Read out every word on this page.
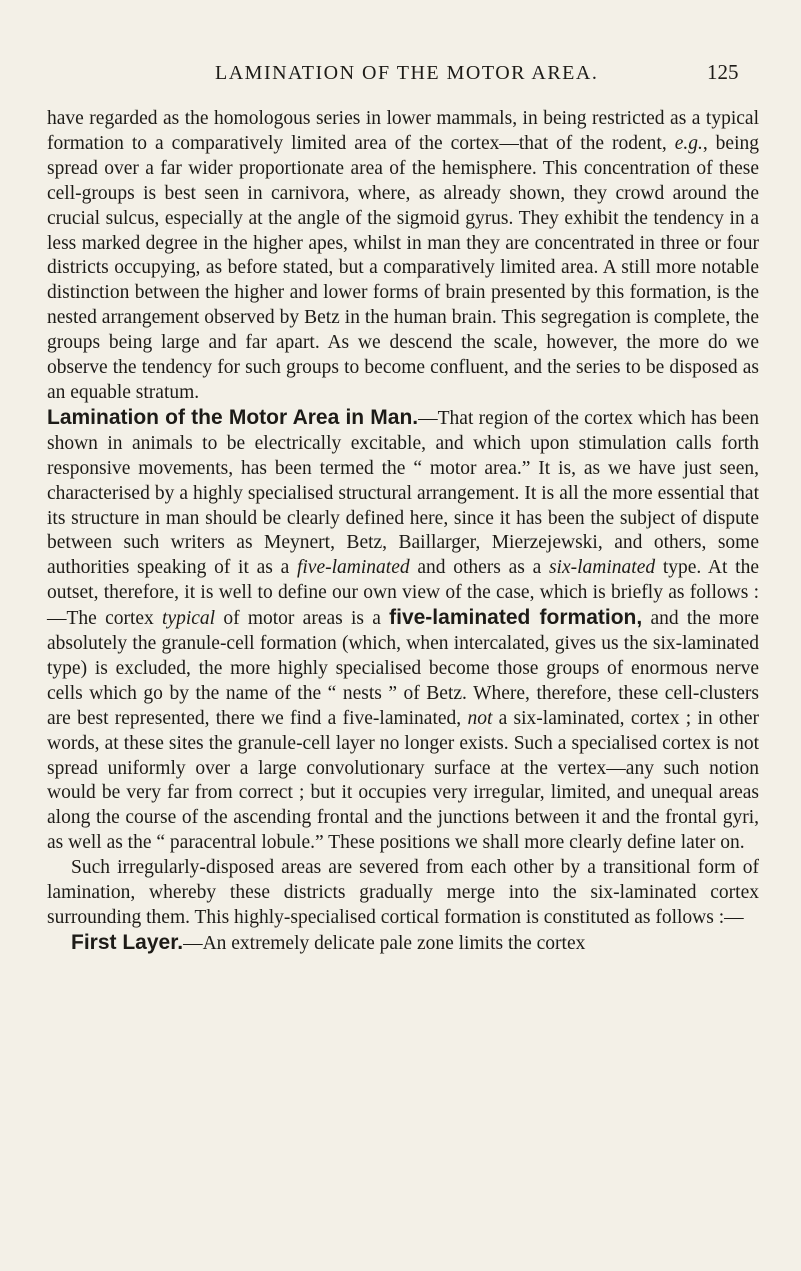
LAMINATION OF THE MOTOR AREA.	125

have regarded as the homologous series in lower mammals, in being restricted as a typical formation to a comparatively limited area of the cortex—that of the rodent, e.g., being spread over a far wider proportionate area of the hemisphere. This concentration of these cell-groups is best seen in carnivora, where, as already shown, they crowd around the crucial sulcus, especially at the angle of the sigmoid gyrus. They exhibit the tendency in a less marked degree in the higher apes, whilst in man they are concentrated in three or four districts occupying, as before stated, but a comparatively limited area. A still more notable distinction between the higher and lower forms of brain presented by this formation, is the nested arrangement observed by Betz in the human brain. This segregation is complete, the groups being large and far apart. As we descend the scale, however, the more do we observe the tendency for such groups to become confluent, and the series to be disposed as an equable stratum.

Lamination of the Motor Area in Man.—That region of the cortex which has been shown in animals to be electrically excitable, and which upon stimulation calls forth responsive movements, has been termed the “ motor area.” It is, as we have just seen, characterised by a highly specialised structural arrangement. It is all the more essential that its structure in man should be clearly defined here, since it has been the subject of dispute between such writers as Meynert, Betz, Baillarger, Mierzejewski, and others, some authorities speaking of it as a five-laminated and others as a six-laminated type. At the outset, therefore, it is well to define our own view of the case, which is briefly as follows :—The cortex typical of motor areas is a five-laminated formation, and the more absolutely the granule-cell formation (which, when intercalated, gives us the six-laminated type) is excluded, the more highly specialised become those groups of enormous nerve cells which go by the name of the “ nests ” of Betz. Where, therefore, these cell-clusters are best represented, there we find a five-laminated, not a six-laminated, cortex ; in other words, at these sites the granule-cell layer no longer exists. Such a specialised cortex is not spread uniformly over a large convolutionary surface at the vertex—any such notion would be very far from correct ; but it occupies very irregular, limited, and unequal areas along the course of the ascending frontal and the junctions between it and the frontal gyri, as well as the “ paracentral lobule.” These positions we shall more clearly define later on.

Such irregularly-disposed areas are severed from each other by a transitional form of lamination, whereby these districts gradually merge into the six-laminated cortex surrounding them. This highly-specialised cortical formation is constituted as follows :—

First Layer.—An extremely delicate pale zone limits the cortex
